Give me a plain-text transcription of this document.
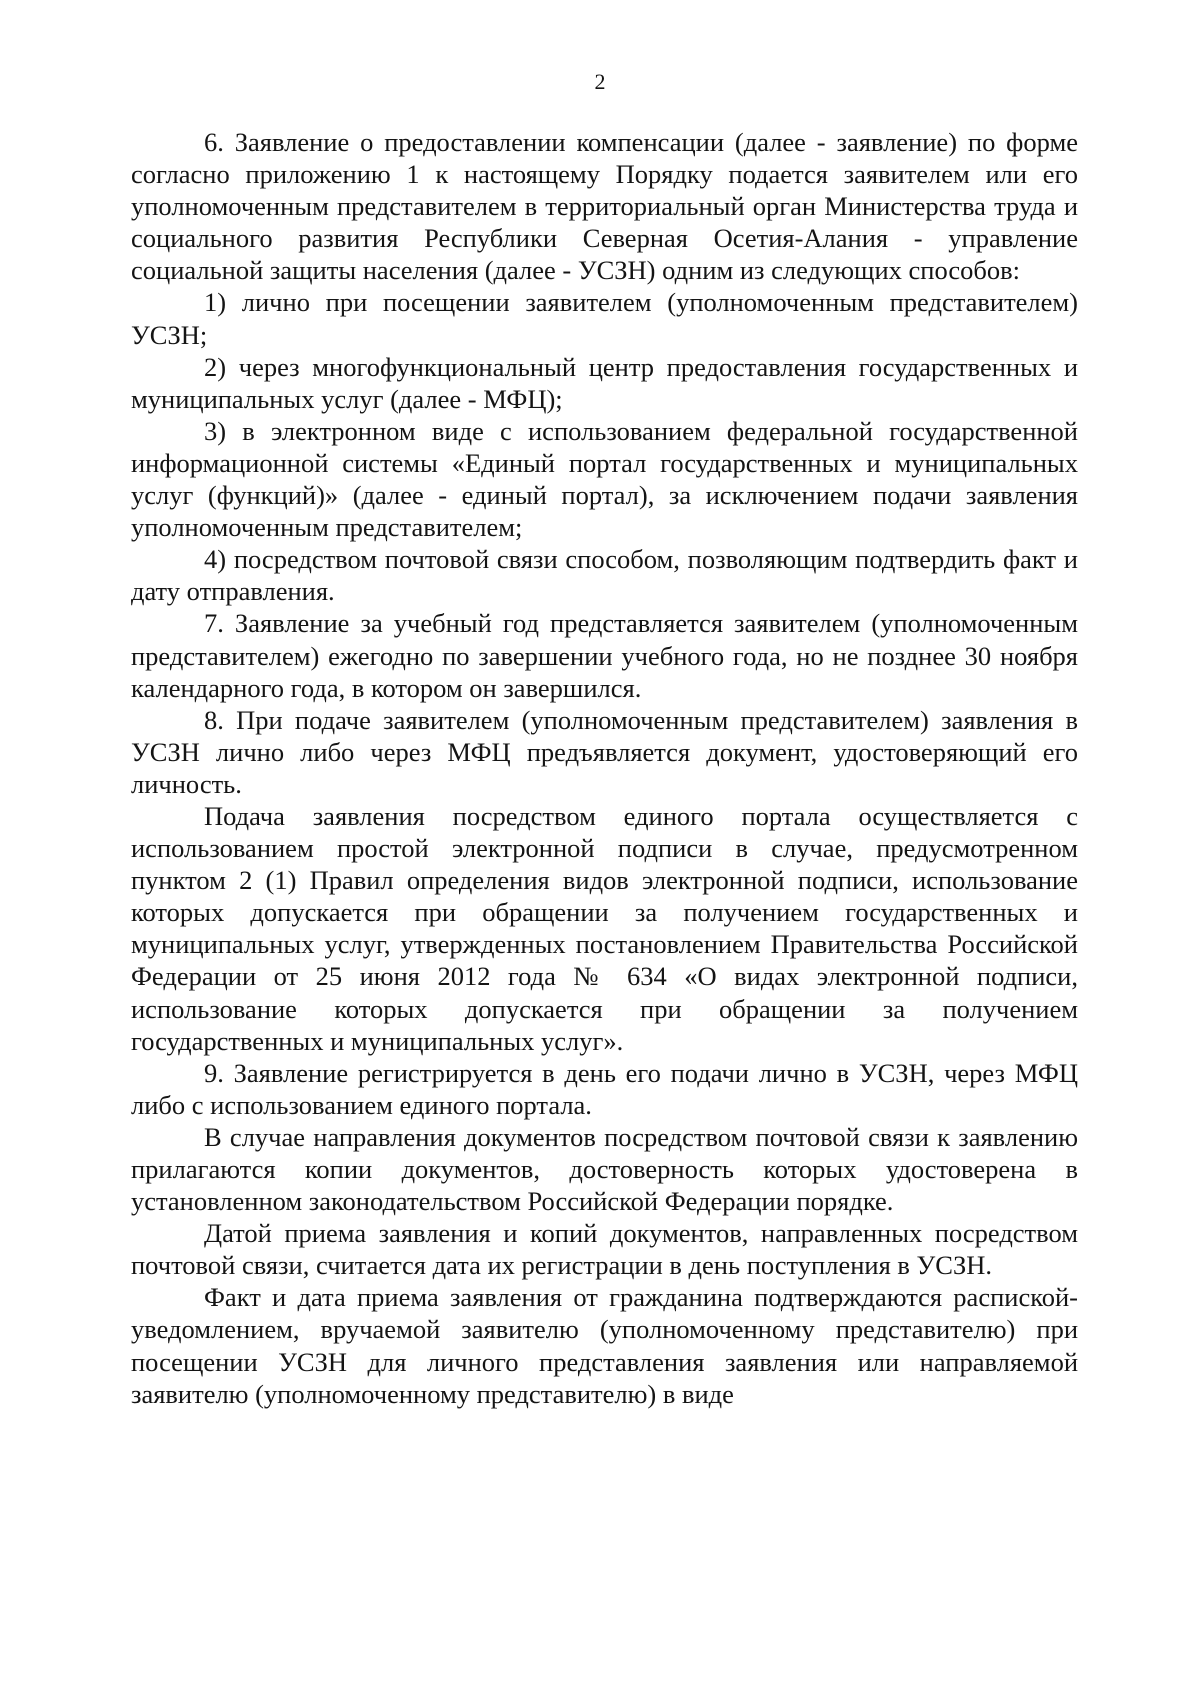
2

6. Заявление о предоставлении компенсации (далее - заявление) по форме согласно приложению 1 к настоящему Порядку подается заявителем или его уполномоченным представителем в территориальный орган Министерства труда и социального развития Республики Северная Осетия-Алания - управление социальной защиты населения (далее - УСЗН) одним из следующих способов:

1) лично при посещении заявителем (уполномоченным представителем) УСЗН;

2) через многофункциональный центр предоставления государственных и муниципальных услуг (далее - МФЦ);

3) в электронном виде с использованием федеральной государственной информационной системы «Единый портал государственных и муниципальных услуг (функций)» (далее - единый портал), за исключением подачи заявления уполномоченным представителем;

4) посредством почтовой связи способом, позволяющим подтвердить факт и дату отправления.

7. Заявление за учебный год представляется заявителем (уполномоченным представителем) ежегодно по завершении учебного года, но не позднее 30 ноября календарного года, в котором он завершился.

8. При подаче заявителем (уполномоченным представителем) заявления в УСЗН лично либо через МФЦ предъявляется документ, удостоверяющий его личность.

Подача заявления посредством единого портала осуществляется с использованием простой электронной подписи в случае, предусмотренном пунктом 2 (1) Правил определения видов электронной подписи, использование которых допускается при обращении за получением государственных и муниципальных услуг, утвержденных постановлением Правительства Российской Федерации от 25 июня 2012 года № 634 «О видах электронной подписи, использование которых допускается при обращении за получением государственных и муниципальных услуг».

9. Заявление регистрируется в день его подачи лично в УСЗН, через МФЦ либо с использованием единого портала.

В случае направления документов посредством почтовой связи к заявлению прилагаются копии документов, достоверность которых удостоверена в установленном законодательством Российской Федерации порядке.

Датой приема заявления и копий документов, направленных посредством почтовой связи, считается дата их регистрации в день поступления в УСЗН.

Факт и дата приема заявления от гражданина подтверждаются распиской-уведомлением, вручаемой заявителю (уполномоченному представителю) при посещении УСЗН для личного представления заявления или направляемой заявителю (уполномоченному представителю) в виде
